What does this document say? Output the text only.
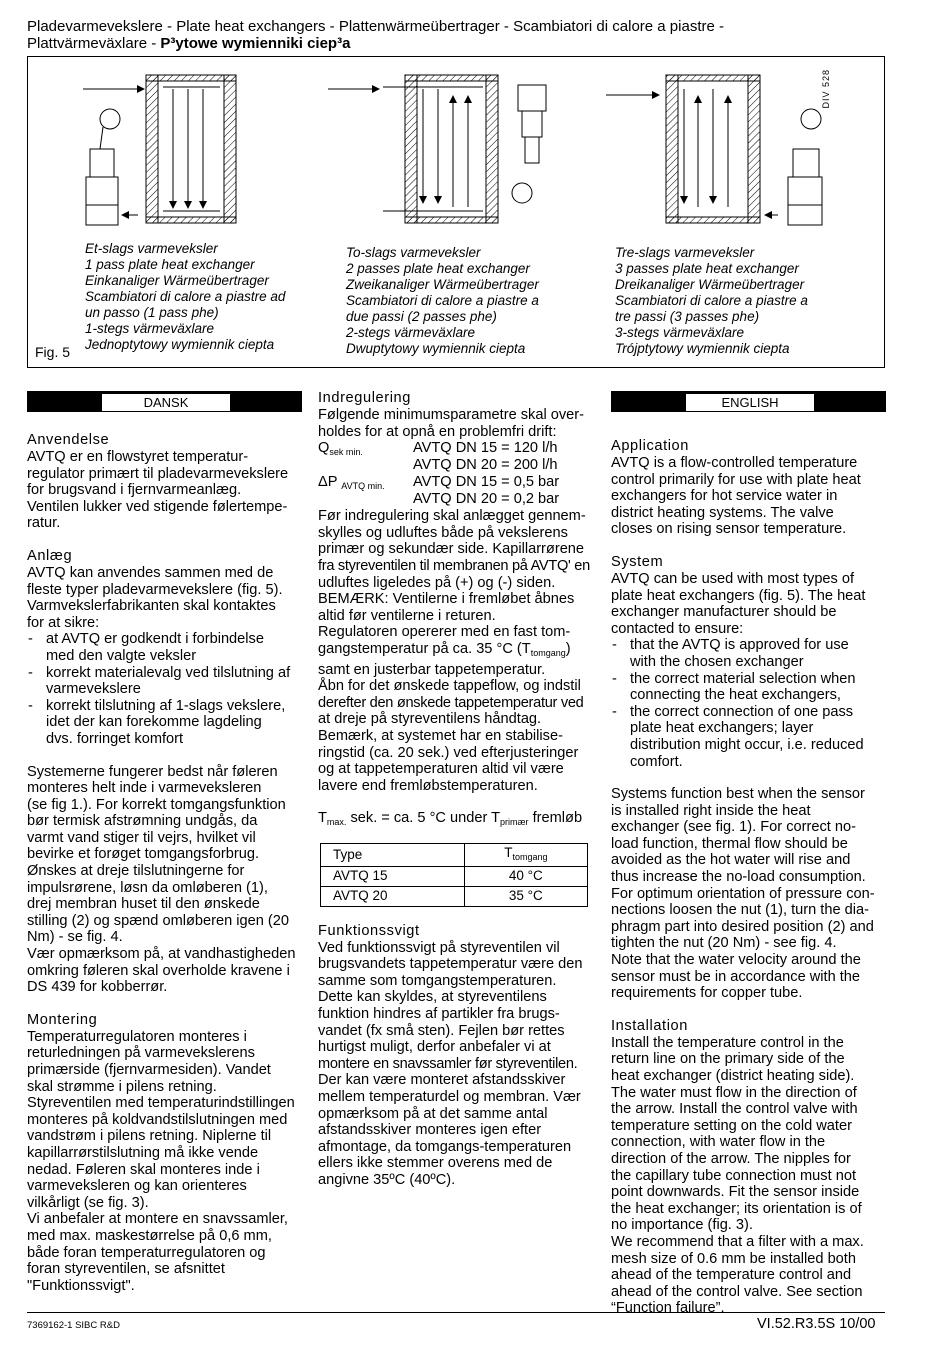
Pladevarmevekslere - Plate heat exchangers - Plattenwärmeübertrager - Scambiatori di calore a piastre -
Plattvärmeväxlare - P³ytowe wymienniki ciep³a
DIV 528
Et-slags varmeveksler
1 pass plate heat exchanger
Einkanaliger Wärmeübertrager
Scambiatori di calore a piastre ad
un passo (1 pass phe)
1-stegs värmeväxlare
Jednoptytowy wymiennik ciepta
To-slags varmeveksler
2 passes plate heat exchanger
Zweikanaliger Wärmeübertrager
Scambiatori di calore a piastre a
due passi (2 passes phe)
2-stegs värmeväxlare
Dwuptytowy wymiennik ciepta
Tre-slags varmeveksler
3 passes plate heat exchanger
Dreikanaliger Wärmeübertrager
Scambiatori di calore a piastre a
tre passi (3 passes phe)
3-stegs värmeväxlare
Trójptytowy wymiennik ciepta
Fig. 5
DANSK
Anvendelse
AVTQ er en flowstyret temperatur-
regulator primært til pladevarmevekslere
for brugsvand i fjernvarmeanlæg.
Ventilen lukker ved stigende følertempe-
ratur.
Anlæg
AVTQ kan anvendes sammen med de
fleste typer pladevarmevekslere (fig. 5).
Varmvekslerfabrikanten skal kontaktes
for at sikre:
- at AVTQ er godkendt i forbindelse
med den valgte veksler
- korrekt materialevalg ved tilslutning af
varmevekslere
- korrekt tilslutning af 1-slags vekslere,
idet der kan forekomme lagdeling
dvs. forringet komfort
Systemerne fungerer bedst når føleren
monteres helt inde i varmeveksleren
(se fig 1.). For korrekt tomgangsfunktion
bør termisk afstrømning undgås, da
varmt vand stiger til vejrs, hvilket vil
bevirke et forøget tomgangsforbrug.
Ønskes at dreje tilslutningerne for
impulsrørene, løsn da omløberen (1),
drej membran huset til den ønskede
stilling (2) og spænd omløberen igen (20
Nm) - se fig. 4.
Vær opmærksom på, at vandhastigheden
omkring føleren skal overholde kravene i
DS 439 for kobberrør.
Montering
Temperaturregulatoren monteres i
returledningen på varmevekslerens
primærside (fjernvarmesiden). Vandet
skal strømme i pilens retning.
Styreventilen med temperaturindstillingen
monteres på koldvandstilslutningen med
vandstrøm i pilens retning. Niplerne til
kapillarrørstilslutning må ikke vende
nedad. Føleren skal monteres inde i
varmeveksleren og kan orienteres
vilkårligt (se fig. 3).
Vi anbefaler at montere en snavssamler,
med max. maskestørrelse på 0,6 mm,
både foran temperaturregulatoren og
foran styreventilen, se afsnittet
"Funktionssvigt".
Indregulering
Følgende minimumsparametre skal over-
holdes for at opnå en problemfri drift:
$Q_{sek min.}$	AVTQ DN 15 = 120 l/h
AVTQ DN 20 = 200 l/h
ΔP $_{AVTQ min.}$ AVTQ DN 15 = 0,5 bar
AVTQ DN 20 = 0,2 bar
Før indregulering skal anlægget gennem-
skylles og udluftes både på vekslerens
primær og sekundær side. Kapillarrørene
fra styreventilen til membranen på AVTQ' en
udluftes ligeledes på (+) og (-) siden.
BEMÆRK: Ventilerne i fremløbet åbnes
altid før ventilerne i returen.
Regulatoren opererer med en fast tom-
gangstemperatur på ca. 35 °C $(T_{tomgang})$
samt en justerbar tappetemperatur.
Åbn for det ønskede tappeflow, og indstil
derefter den ønskede tappetemperatur ved
at dreje på styreventilens håndtag.
Bemærk, at systemet har en stabilise-
ringstid (ca. 20 sek.) ved efterjusteringer
og at tappetemperaturen altid vil være
lavere end fremløbstemperaturen.
$T_{max.}$ sek. = ca. 5 °C under $T_{primær}$ fremløb
Type	$T_{tomgang}$
AVTQ 15	40 °C
AVTQ 20	35 °C
Funktionssvigt
Ved funktionssvigt på styreventilen vil
brugsvandets tappetemperatur være den
samme som tomgangstemperaturen.
Dette kan skyldes, at styreventilens
funktion hindres af partikler fra brugs-
vandet (fx små sten). Fejlen bør rettes
hurtigst muligt, derfor anbefaler vi at
montere en snavssamler før styreventilen.
Der kan være monteret afstandsskiver
mellem temperaturdel og membran. Vær
opmærksom på at det samme antal
afstandsskiver monteres igen efter
afmontage, da tomgangs-temperaturen
ellers ikke stemmer overens med de
angivne 35ºC (40ºC).
ENGLISH
Application
AVTQ is a flow-controlled temperature
control primarily for use with plate heat
exchangers for hot service water in
district heating systems. The valve
closes on rising sensor temperature.
System
AVTQ can be used with most types of
plate heat exchangers (fig. 5). The heat
exchanger manufacturer should be
contacted to ensure:
- that the AVTQ is approved for use
with the chosen exchanger
- the correct material selection when
connecting the heat exchangers,
- the correct connection of one pass
plate heat exchangers; layer
distribution might occur, i.e. reduced
comfort.
Systems function best when the sensor
is installed right inside the heat
exchanger (see fig. 1). For correct no-
load function, thermal flow should be
avoided as the hot water will rise and
thus increase the no-load consumption.
For optimum orientation of pressure con-
nections loosen the nut (1), turn the dia-
phragm part into desired position (2) and
tighten the nut (20 Nm) - see fig. 4.
Note that the water velocity around the
sensor must be in accordance with the
requirements for copper tube.
Installation
Install the temperature control in the
return line on the primary side of the
heat exchanger (district heating side).
The water must flow in the direction of
the arrow. Install the control valve with
temperature setting on the cold water
connection, with water flow in the
direction of the arrow. The nipples for
the capillary tube connection must not
point downwards. Fit the sensor inside
the heat exchanger; its orientation is of
no importance (fig. 3).
We recommend that a filter with a max.
mesh size of 0.6 mm be installed both
ahead of the temperature control and
ahead of the control valve. See section
“Function failure”.
7369162-1 SIBC R&D	VI.52.R3.5S 10/00
